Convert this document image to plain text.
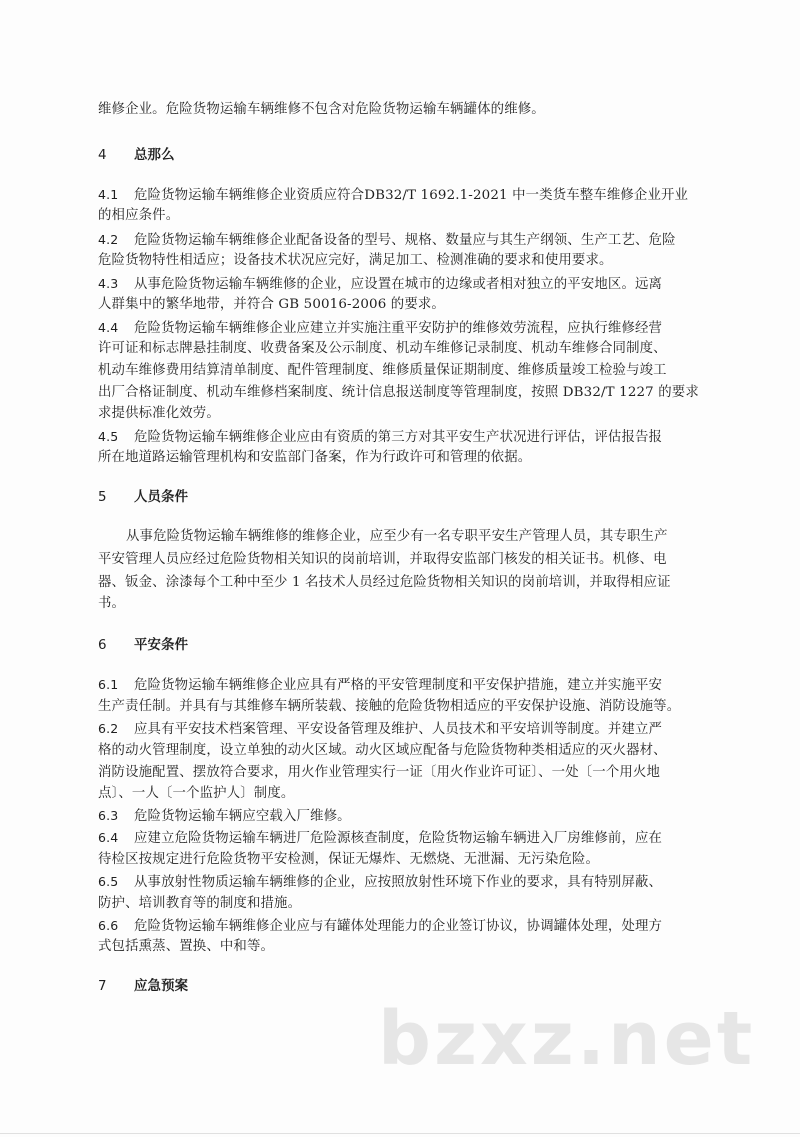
维修企业。危险货物运输车辆维修不包含对危险货物运输车辆罐体的维修。
4 总那么
4.1 危险货物运输车辆维修企业资质应符合DB32/T 1692.1-2021 中一类货车整车维修企业开业
的相应条件。
4.2 危险货物运输车辆维修企业配备设备的型号、规格、数量应与其生产纲领、生产工艺、危险
危险货物特性相适应；设备技术状况应完好，满足加工、检测准确的要求和使用要求。
4.3 从事危险货物运输车辆维修的企业，应设置在城市的边缘或者相对独立的平安地区。远离
人群集中的繁华地带，并符合 GB 50016-2006 的要求。
4.4 危险货物运输车辆维修企业应建立并实施注重平安防护的维修效劳流程，应执行维修经营
许可证和标志牌悬挂制度、收费备案及公示制度、机动车维修记录制度、机动车维修合同制度、
机动车维修费用结算清单制度、配件管理制度、维修质量保证期制度、维修质量竣工检验与竣工
出厂合格证制度、机动车维修档案制度、统计信息报送制度等管理制度，按照 DB32/T 1227 的要求
求提供标准化效劳。
4.5 危险货物运输车辆维修企业应由有资质的第三方对其平安生产状况进行评估，评估报告报
所在地道路运输管理机构和安监部门备案，作为行政许可和管理的依据。
5 人员条件
从事危险货物运输车辆维修的维修企业，应至少有一名专职平安生产管理人员，其专职生产
平安管理人员应经过危险货物相关知识的岗前培训，并取得安监部门核发的相关证书。机修、电
器、钣金、涂漆每个工种中至少 1 名技术人员经过危险货物相关知识的岗前培训，并取得相应证
书。
6 平安条件
6.1 危险货物运输车辆维修企业应具有严格的平安管理制度和平安保护措施，建立并实施平安
生产责任制。并具有与其维修车辆所装载、接触的危险货物相适应的平安保护设施、消防设施等。
6.2 应具有平安技术档案管理、平安设备管理及维护、人员技术和平安培训等制度。并建立严
格的动火管理制度，设立单独的动火区域。动火区域应配备与危险货物种类相适应的灭火器材、
消防设施配置、摆放符合要求，用火作业管理实行一证〔用火作业许可证〕、一处〔一个用火地
点〕、一人〔一个监护人〕制度。
6.3 危险货物运输车辆应空载入厂维修。
6.4 应建立危险货物运输车辆进厂危险源核查制度，危险货物运输车辆进入厂房维修前，应在
待检区按规定进行危险货物平安检测，保证无爆炸、无燃烧、无泄漏、无污染危险。
6.5 从事放射性物质运输车辆维修的企业，应按照放射性环境下作业的要求，具有特别屏蔽、
防护、培训教育等的制度和措施。
6.6 危险货物运输车辆维修企业应与有罐体处理能力的企业签订协议，协调罐体处理，处理方
式包括熏蒸、置换、中和等。
7 应急预案
bzxz.net
